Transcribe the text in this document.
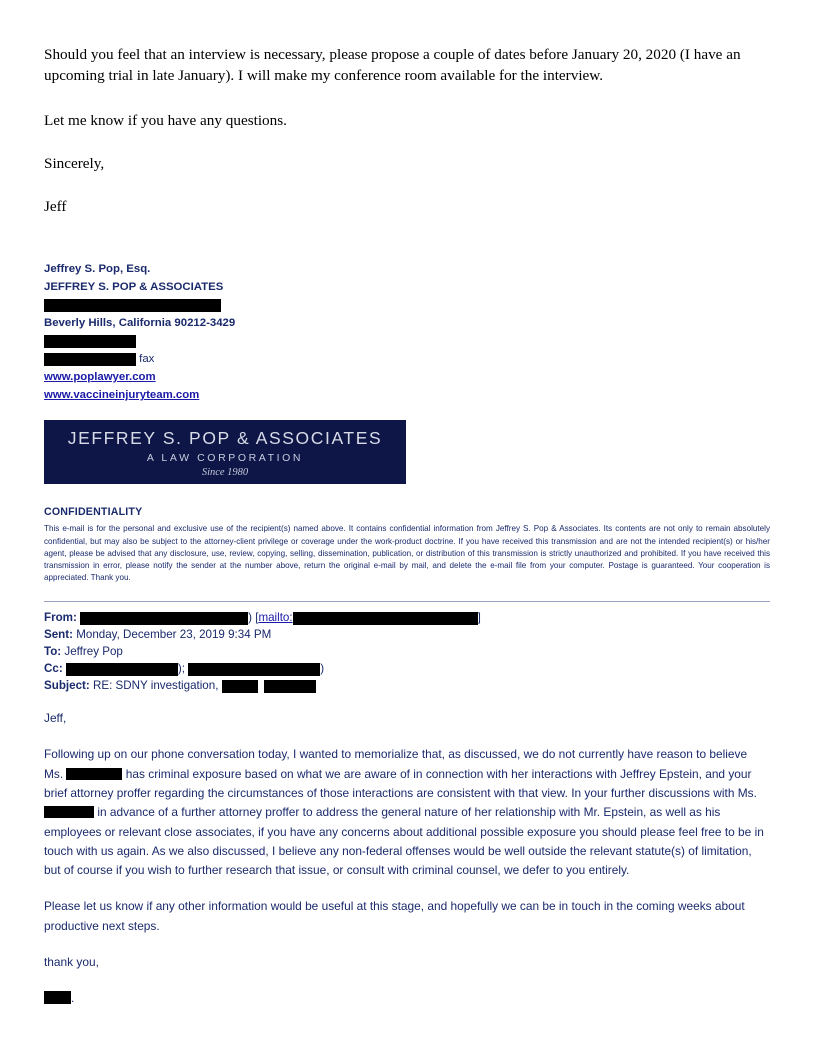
Should you feel that an interview is necessary, please propose a couple of dates before January 20, 2020 (I have an upcoming trial in late January). I will make my conference room available for the interview.

Let me know if you have any questions.

Sincerely,

Jeff

Jeffrey S. Pop, Esq.
JEFFREY S. POP & ASSOCIATES
Beverly Hills, California 90212-3429

fax
www.poplawyer.com
www.vaccineinjuryteam.com
JEFFREY S. POP & ASSOCIATES
A LAW CORPORATION
Since 1980
CONFIDENTIALITY
This e-mail is for the personal and exclusive use of the recipient(s) named above. It contains confidential information from Jeffrey S. Pop & Associates. Its contents are not only to remain absolutely confidential, but may also be subject to the attorney-client privilege or coverage under the work-product doctrine. If you have received this transmission and are not the intended recipient(s) or his/her agent, please be advised that any disclosure, use, review, copying, selling, dissemination, publication, or distribution of this transmission is strictly unauthorized and prohibited. If you have received this transmission in error, please notify the sender at the number above, return the original e-mail by mail, and delete the e-mail file from your computer. Postage is guaranteed. Your cooperation is appreciated. Thank you.
From:
	)
[ mailto:	]
Sent:
Monday, December 23, 2019 9:34 PM
To:
Jeffrey Pop
Cc:
	);
	)
Subject:
RE: SDNY investigation,

Jeff,

Following up on our phone conversation today, I wanted to memorialize that, as discussed, we do not currently have reason to believe Ms.	has criminal exposure based on what we are aware of in connection with her interactions with Jeffrey Epstein, and your brief attorney proffer regarding the circumstances of those interactions are consistent with that view. In your further discussions with Ms.  in advance of a further attorney proffer to address the general nature of her relationship with Mr. Epstein, as well as his employees or relevant close associates, if you have any concerns about additional possible exposure you should please feel free to be in touch with us again. As we also discussed, I believe any non-federal offenses would be well outside the relevant statute(s) of limitation, but of course if you wish to further research that issue, or consult with criminal counsel, we defer to you entirely.

Please let us know if any other information would be useful at this stage, and hopefully we can be in touch in the coming weeks about productive next steps.

thank you,

.
